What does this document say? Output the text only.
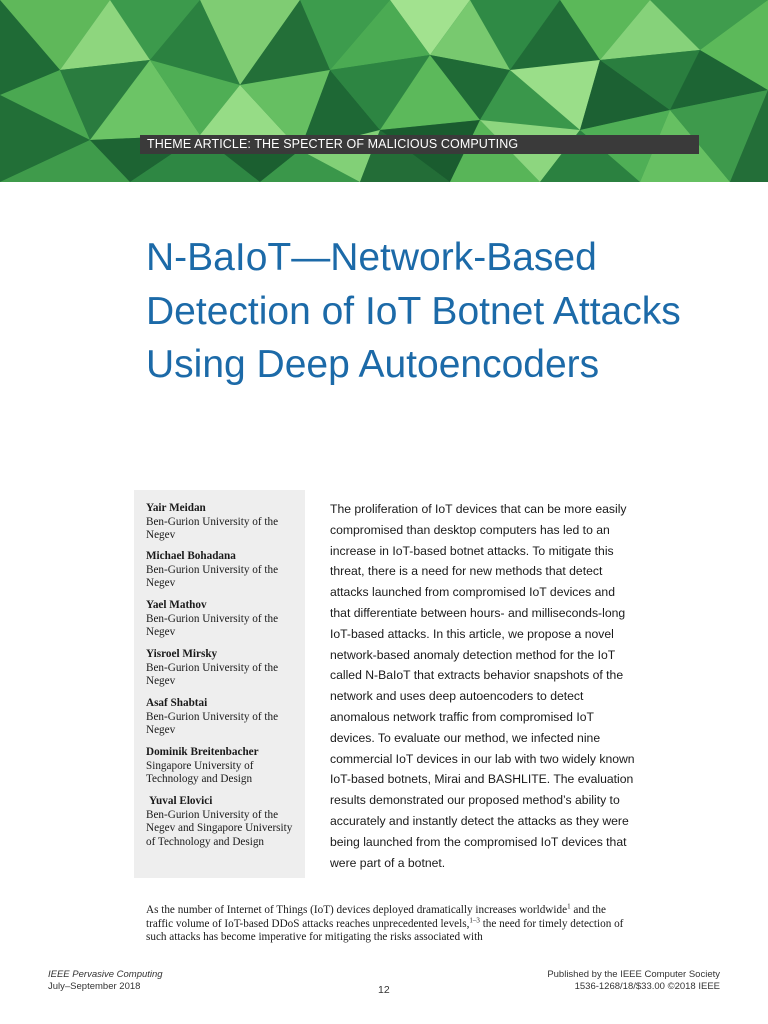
THEME ARTICLE: THE SPECTER OF MALICIOUS COMPUTING
N-BaIoT—Network-Based Detection of IoT Botnet Attacks Using Deep Autoencoders
Yair Meidan
Ben-Gurion University of the Negev
Michael Bohadana
Ben-Gurion University of the Negev
Yael Mathov
Ben-Gurion University of the Negev
Yisroel Mirsky
Ben-Gurion University of the Negev
Asaf Shabtai
Ben-Gurion University of the Negev
Dominik Breitenbacher
Singapore University of Technology and Design
Yuval Elovici
Ben-Gurion University of the Negev and Singapore University of Technology and Design

The proliferation of IoT devices that can be more easily compromised than desktop computers has led to an increase in IoT-based botnet attacks. To mitigate this threat, there is a need for new methods that detect attacks launched from compromised IoT devices and that differentiate between hours- and milliseconds-long IoT-based attacks. In this article, we propose a novel network-based anomaly detection method for the IoT called N-BaIoT that extracts behavior snapshots of the network and uses deep autoencoders to detect anomalous network traffic from compromised IoT devices. To evaluate our method, we infected nine commercial IoT devices in our lab with two widely known IoT-based botnets, Mirai and BASHLITE. The evaluation results demonstrated our proposed method’s ability to accurately and instantly detect the attacks as they were being launched from the compromised IoT devices that were part of a botnet.

As the number of Internet of Things (IoT) devices deployed dramatically increases worldwide$^1$ and the traffic volume of IoT-based DDoS attacks reaches unprecedented levels,$^{1-3}$ the need for timely detection of such attacks has become imperative for mitigating the risks associated with

IEEE Pervasive Computing
July–September 2018	12
Published by the IEEE Computer Society
1536-1268/18/$33.00 ©2018 IEEE
